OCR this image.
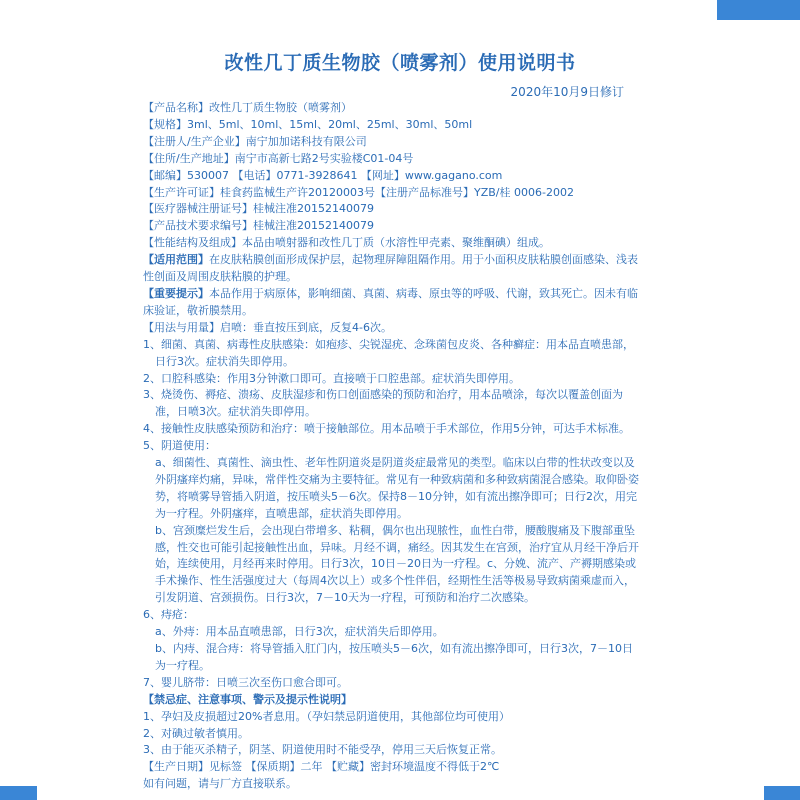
改性几丁质生物胶（喷雾剂）使用说明书
2020年10月9日修订
【产品名称】改性几丁质生物胶（喷雾剂）
【规格】3ml、5ml、10ml、15ml、20ml、25ml、30ml、50ml
【注册人/生产企业】南宁加加诺科技有限公司
【住所/生产地址】南宁市高新七路2号实验楼C01-04号
【邮编】530007 【电话】0771-3928641 【网址】www.gagano.com
【生产许可证】桂食药监械生产许20120003号【注册产品标准号】YZB/桂 0006-2002
【医疗器械注册证号】桂械注准20152140079
【产品技术要求编号】桂械注准20152140079
【性能结构及组成】本品由喷射器和改性几丁质（水溶性甲壳素、聚维酮碘）组成。
【适用范围】在皮肤粘膜创面形成保护层，起物理屏障阻隔作用。用于小面积皮肤粘膜创面感染、浅表性创面及周围皮肤粘膜的护理。
【重要提示】本品作用于病原体，影响细菌、真菌、病毒、原虫等的呼吸、代谢，致其死亡。因未有临床验证，敬祈膜禁用。
【用法与用量】启喷：垂直按压到底，反复4-6次。
1、细菌、真菌、病毒性皮肤感染：如疱疹、尖锐湿疣、念珠菌包皮炎、各种癣症：用本品直喷患部，日行3次。症状消失即停用。
2、口腔科感染：作用3分钟漱口即可。直接喷于口腔患部。症状消失即停用。
3、烧烫伤、褥疮、溃疡、皮肤湿疹和伤口创面感染的预防和治疗，用本品喷涂，每次以覆盖创面为准，日喷3次。症状消失即停用。
4、接触性皮肤感染预防和治疗：喷于接触部位。用本品喷于手术部位，作用5分钟，可达手术标准。
5、阴道使用：
a、细菌性、真菌性、滴虫性、老年性阴道炎是阴道炎症最常见的类型。临床以白带的性状改变以及外阴瘙痒灼痛，异味，常伴性交痛为主要特征。常见有一种致病菌和多种致病菌混合感染。取仰卧姿势，将喷雾导管插入阴道，按压喷头5－6次。保持8－10分钟，如有流出擦净即可；日行2次，用完为一疗程。外阴瘙痒，直喷患部，症状消失即停用。
b、宫颈糜烂发生后，会出现白带增多、粘稠，偶尔也出现脓性，血性白带，腰酸腹痛及下腹部重坠感，性交也可能引起接触性出血，异味。月经不调，痛经。因其发生在宫颈，治疗宜从月经干净后开始，连续使用，月经再来时停用。日行3次，10日－20日为一疗程。c、分娩、流产、产褥期感染或手术操作、性生活强度过大（每周4次以上）或多个性伴侣，经期性生活等极易导致病菌乘虚而入，引发阴道、宫颈损伤。日行3次，7－10天为一疗程，可预防和治疗二次感染。
6、痔疮：
a、外痔：用本品直喷患部，日行3次，症状消失后即停用。
b、内痔、混合痔：将导管插入肛门内，按压喷头5－6次，如有流出擦净即可，日行3次，7－10日为一疗程。
7、婴儿脐带：日喷三次至伤口愈合即可。
【禁忌症、注意事项、警示及提示性说明】
1、孕妇及皮损超过20%者息用。（孕妇禁忌阴道使用，其他部位均可使用）
2、对碘过敏者慎用。
3、由于能灭杀精子，阴茎、阴道使用时不能受孕，停用三天后恢复正常。
【生产日期】见标签 【保质期】二年 【贮藏】密封环境温度不得低于2℃
如有问题，请与厂方直接联系。
